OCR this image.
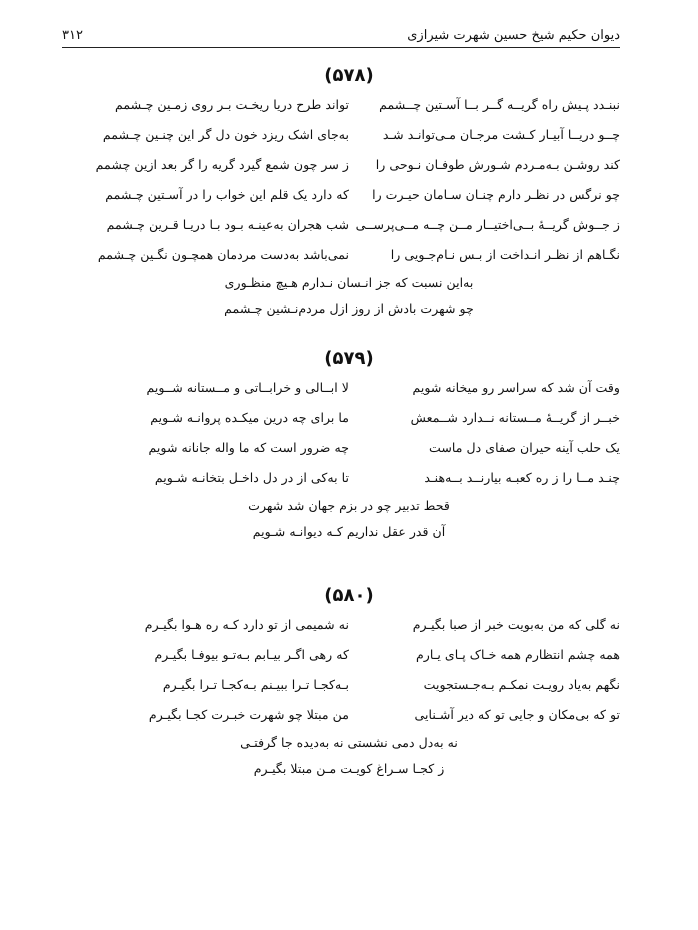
دیوان حکیم شیخ حسین شهرت شیرازی
۳۱۲
(۵۷۸)
نبنـدد پـیش راه گریــه گــر بــا آسـتین چــشمم
تواند طرح دریا ریخـت بـر روی زمـین چـشمم
چــو دریــا آبیـار کـشت مرجـان مـی‌توانـد شـد
به‌جای اشک ریزد خون دل گر این چنـین چـشمم
کند روشـن بـه‌مـردم شـورش طوفـان نـوحی را
ز سر چون شمع گیرد گریه را گر بعد ازین چشمم
چو نرگس در نظـر دارم چنـان سـامان حیـرت را
که دارد یک قلم این خواب را در آسـتین چـشمم
ز جــوش گریــهٔ بــی‌اختیــار مــن چــه مــی‌پرســی
شب هجران به‌عینـه بـود بـا دریـا قـرین چـشمم
نگـاهم از نظـر انـداخت از بـس نـام‌جـویی را
نمی‌باشد به‌دست مردمان همچـون نگـین چـشمم
به‌این نسبت که جز انـسان نـدارم هـیچ منظـوری
چو شهرت بادش از روز ازل مردم‌نـشین چـشمم
(۵۷۹)
وقت آن شد که سراسر رو میخانه شویم
لا ابــالی و خرابــاتی و مــستانه شــویم
خبــر از گریــهٔ مــستانه نــدارد شــمعش
ما برای چه درین میکـده پروانـه شـویم
یک حلب آینه حیران صفای دل ماست
چه ضرور است که ما واله جانانه شویم
چنـد مــا را ز ره کعبـه بیارنــد بــه‌هنـد
تا به‌کی از در دل داخـل بتخانـه شـویم
قحط تدبیر چو در بزم جهان شد شهرت
آن قدر عقل نداریم کـه دیوانـه شـویم
(۵۸۰)
نه گلی که من به‌بویت خبر از صبا بگیـرم
نه شمیمی از تو دارد کـه ره هـوا بگیـرم
همه چشم انتظارم همه خـاک پـای یـارم
که رهی اگـر بیـابم بـه‌تـو بیوفـا بگیـرم
نگهم به‌یاد رویـت نمکـم بـه‌جـستجویت
بـه‌کجـا تـرا ببیـنم بـه‌کجـا تـرا بگیـرم
تو که بی‌مکان و جایی تو که دیر آشـنایی
من مبتلا چو شهرت خبـرت کجـا بگیـرم
نه به‌دل دمی نشستی نه به‌دیده جا گرفتـی
ز کجـا سـراغ کویـت مـن مبتلا بگیـرم
